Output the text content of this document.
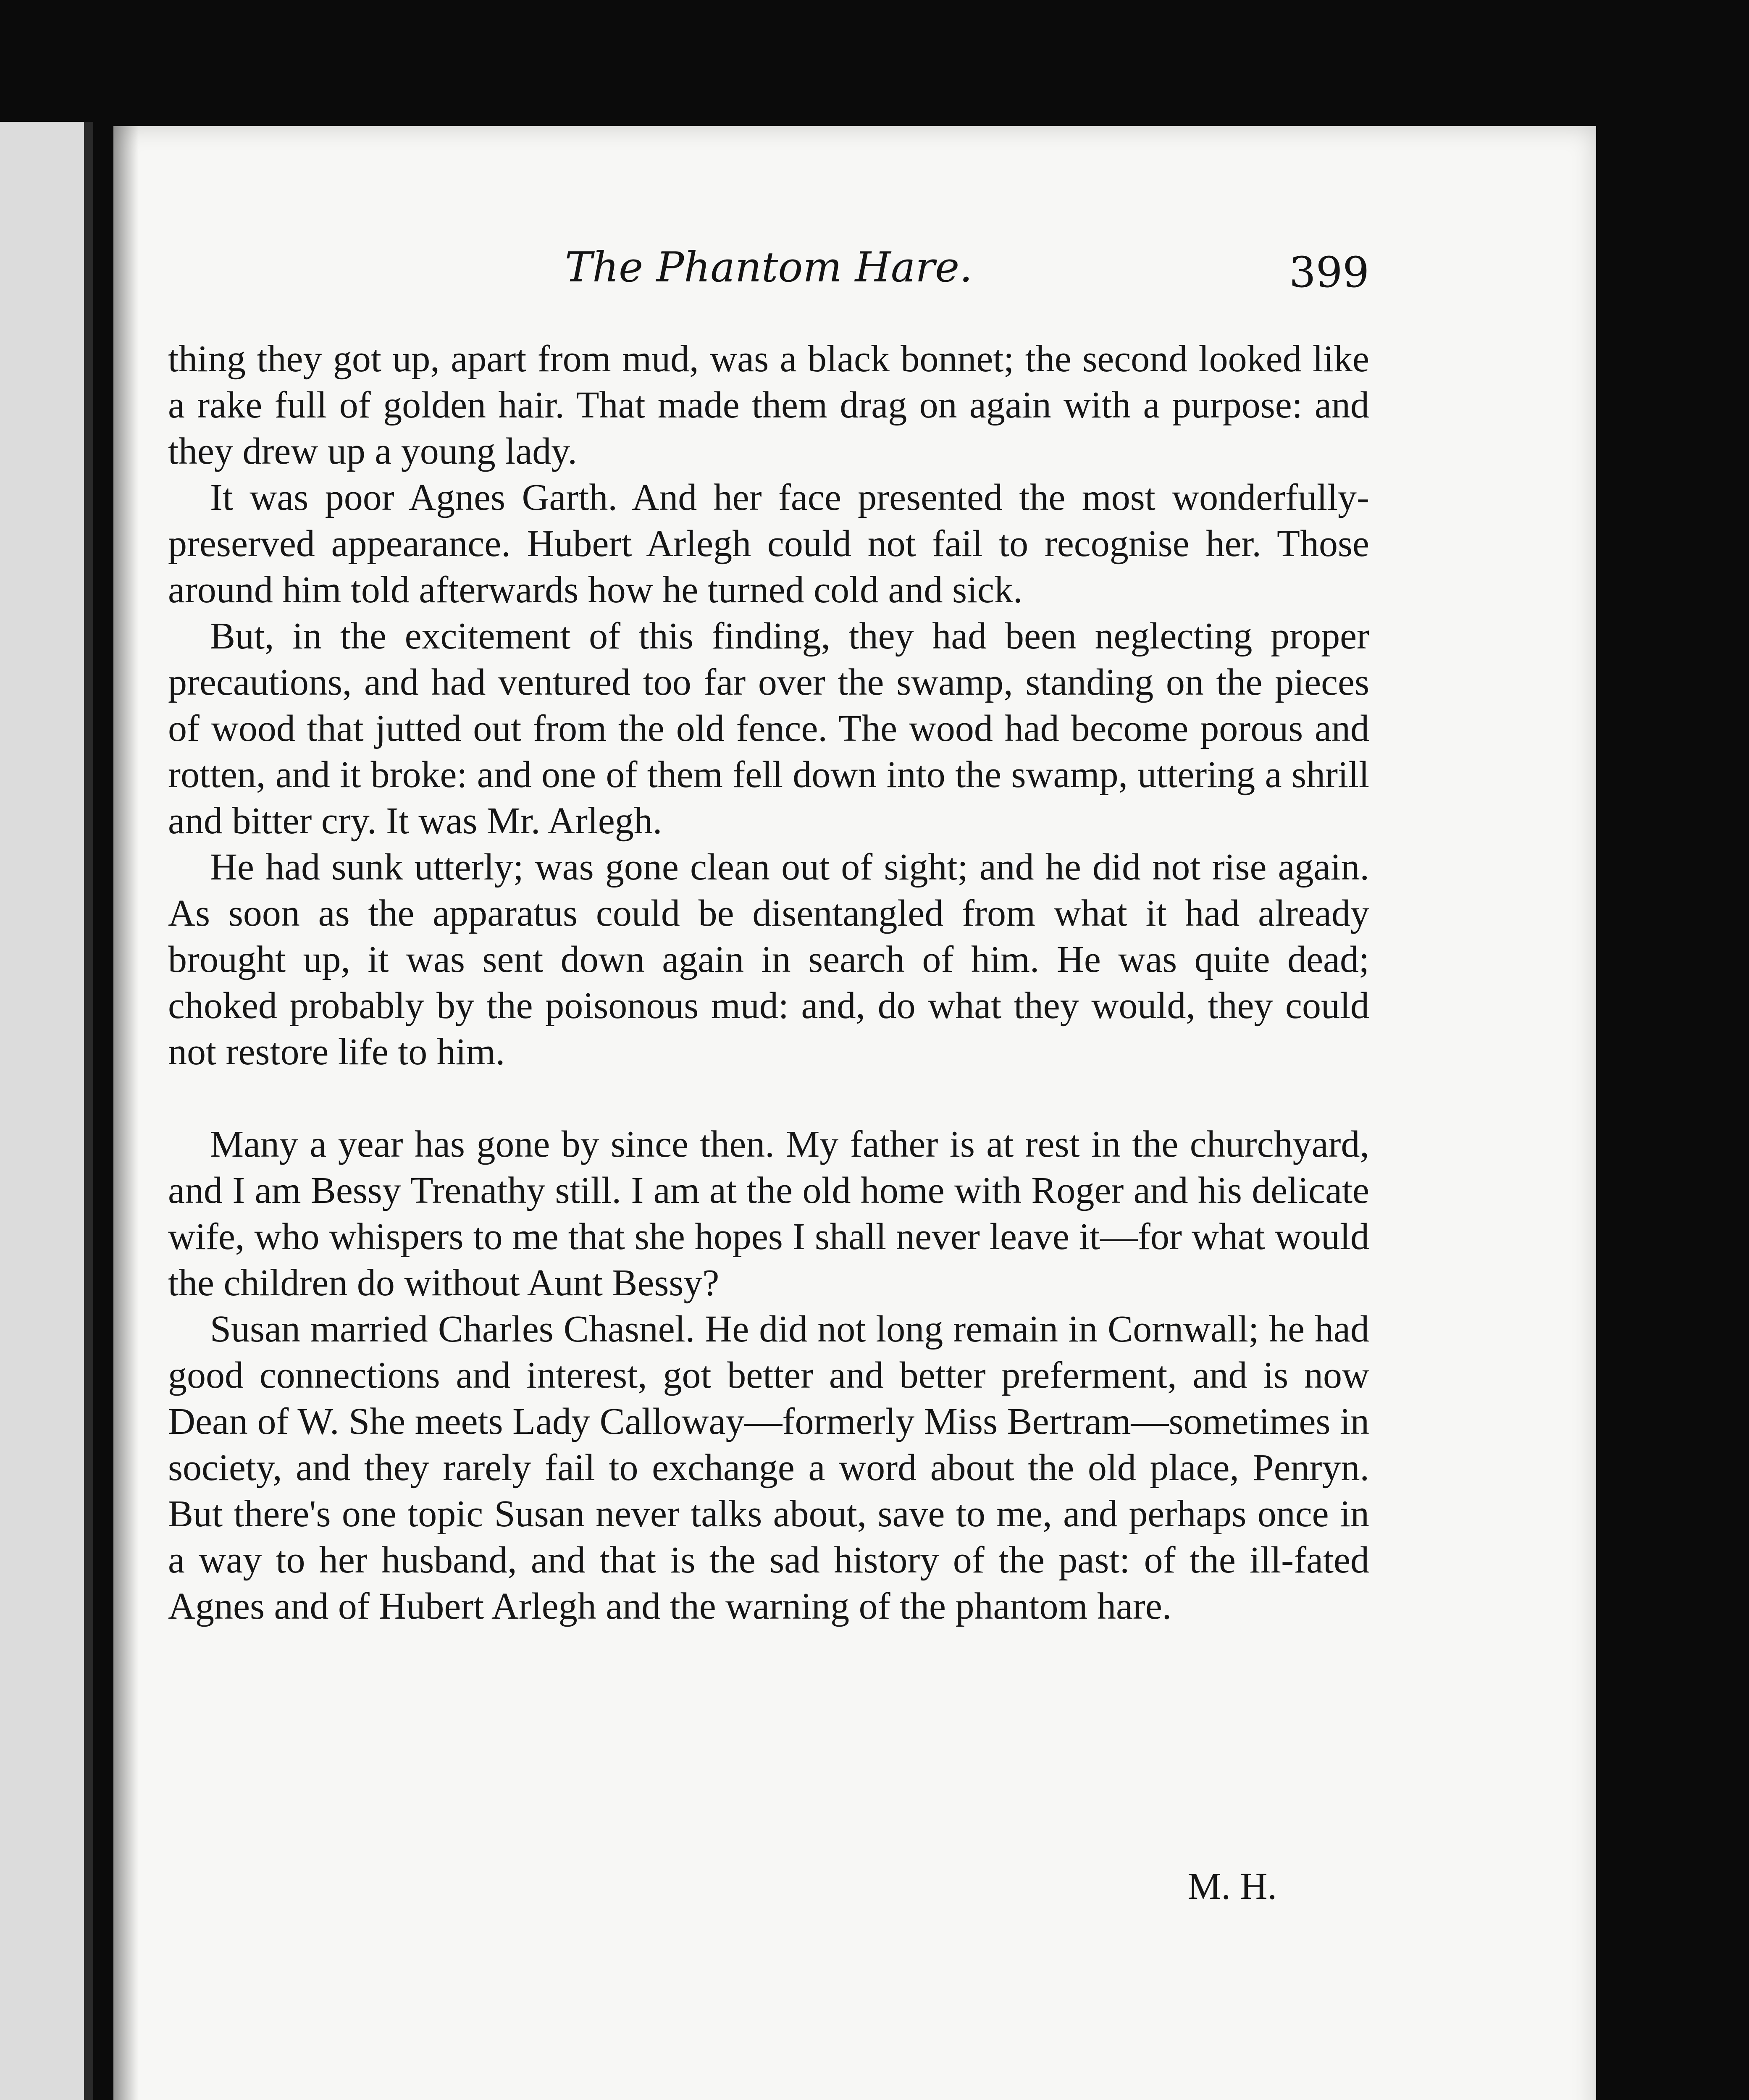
The Phantom Hare.	399

thing they got up, apart from mud, was a black bonnet; the second looked like a rake full of golden hair. That made them drag on again with a purpose: and they drew up a young lady.

It was poor Agnes Garth. And her face presented the most wonderfully-preserved appearance. Hubert Arlegh could not fail to recognise her. Those around him told afterwards how he turned cold and sick.

But, in the excitement of this finding, they had been neglecting proper precautions, and had ventured too far over the swamp, standing on the pieces of wood that jutted out from the old fence. The wood had become porous and rotten, and it broke: and one of them fell down into the swamp, uttering a shrill and bitter cry. It was Mr. Arlegh.

He had sunk utterly; was gone clean out of sight; and he did not rise again. As soon as the apparatus could be disentangled from what it had already brought up, it was sent down again in search of him. He was quite dead; choked probably by the poisonous mud: and, do what they would, they could not restore life to him.

Many a year has gone by since then. My father is at rest in the churchyard, and I am Bessy Trenathy still. I am at the old home with Roger and his delicate wife, who whispers to me that she hopes I shall never leave it—for what would the children do without Aunt Bessy?

Susan married Charles Chasnel. He did not long remain in Cornwall; he had good connections and interest, got better and better preferment, and is now Dean of W. She meets Lady Calloway—formerly Miss Bertram—sometimes in society, and they rarely fail to exchange a word about the old place, Penryn. But there's one topic Susan never talks about, save to me, and perhaps once in a way to her husband, and that is the sad history of the past: of the ill-fated Agnes and of Hubert Arlegh and the warning of the phantom hare.

M. H.
